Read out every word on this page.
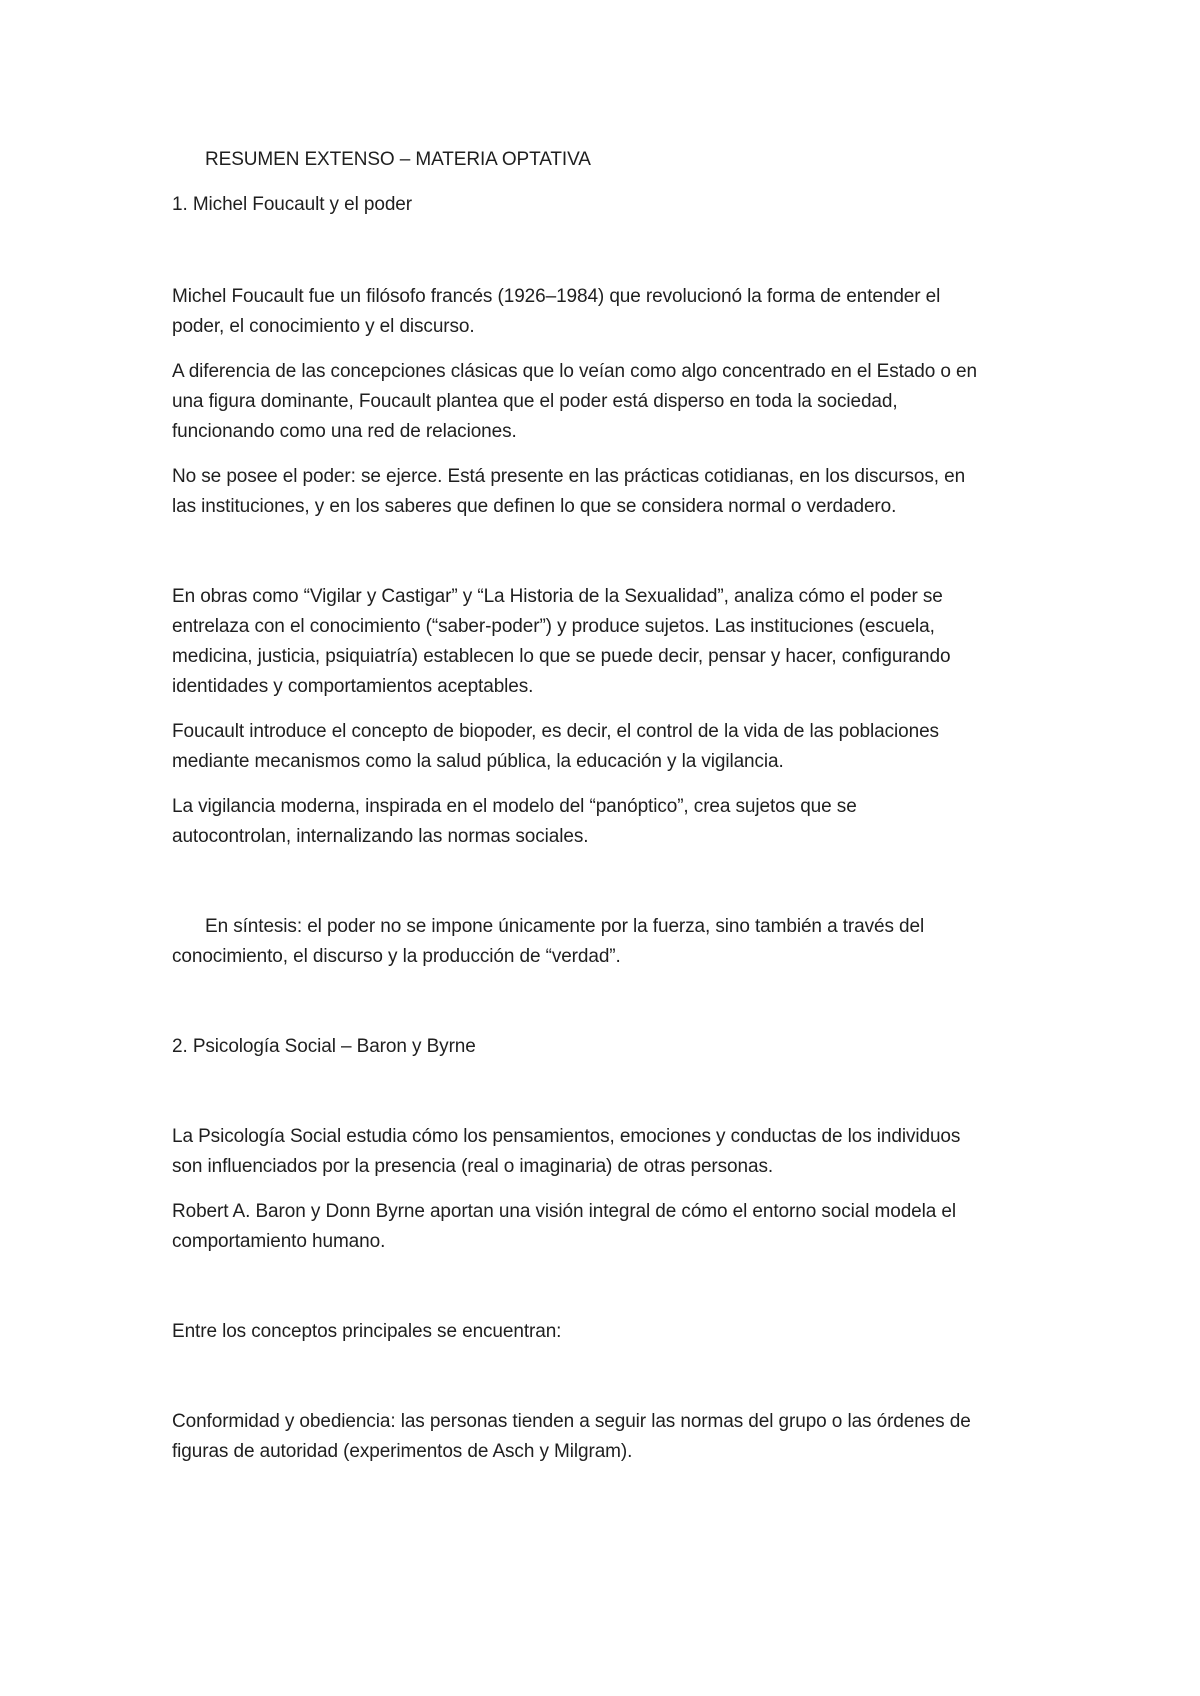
RESUMEN EXTENSO – MATERIA OPTATIVA
1. Michel Foucault y el poder
Michel Foucault fue un filósofo francés (1926–1984) que revolucionó la forma de entender el
poder, el conocimiento y el discurso.
A diferencia de las concepciones clásicas que lo veían como algo concentrado en el Estado o en
una figura dominante, Foucault plantea que el poder está disperso en toda la sociedad,
funcionando como una red de relaciones.
No se posee el poder: se ejerce. Está presente en las prácticas cotidianas, en los discursos, en
las instituciones, y en los saberes que definen lo que se considera normal o verdadero.
En obras como “Vigilar y Castigar” y “La Historia de la Sexualidad”, analiza cómo el poder se
entrelaza con el conocimiento (“saber-poder”) y produce sujetos. Las instituciones (escuela,
medicina, justicia, psiquiatría) establecen lo que se puede decir, pensar y hacer, configurando
identidades y comportamientos aceptables.
Foucault introduce el concepto de biopoder, es decir, el control de la vida de las poblaciones
mediante mecanismos como la salud pública, la educación y la vigilancia.
La vigilancia moderna, inspirada en el modelo del “panóptico”, crea sujetos que se
autocontrolan, internalizando las normas sociales.
En síntesis: el poder no se impone únicamente por la fuerza, sino también a través del
conocimiento, el discurso y la producción de “verdad”.
2. Psicología Social – Baron y Byrne
La Psicología Social estudia cómo los pensamientos, emociones y conductas de los individuos
son influenciados por la presencia (real o imaginaria) de otras personas.
Robert A. Baron y Donn Byrne aportan una visión integral de cómo el entorno social modela el
comportamiento humano.
Entre los conceptos principales se encuentran:
Conformidad y obediencia: las personas tienden a seguir las normas del grupo o las órdenes de
figuras de autoridad (experimentos de Asch y Milgram).
